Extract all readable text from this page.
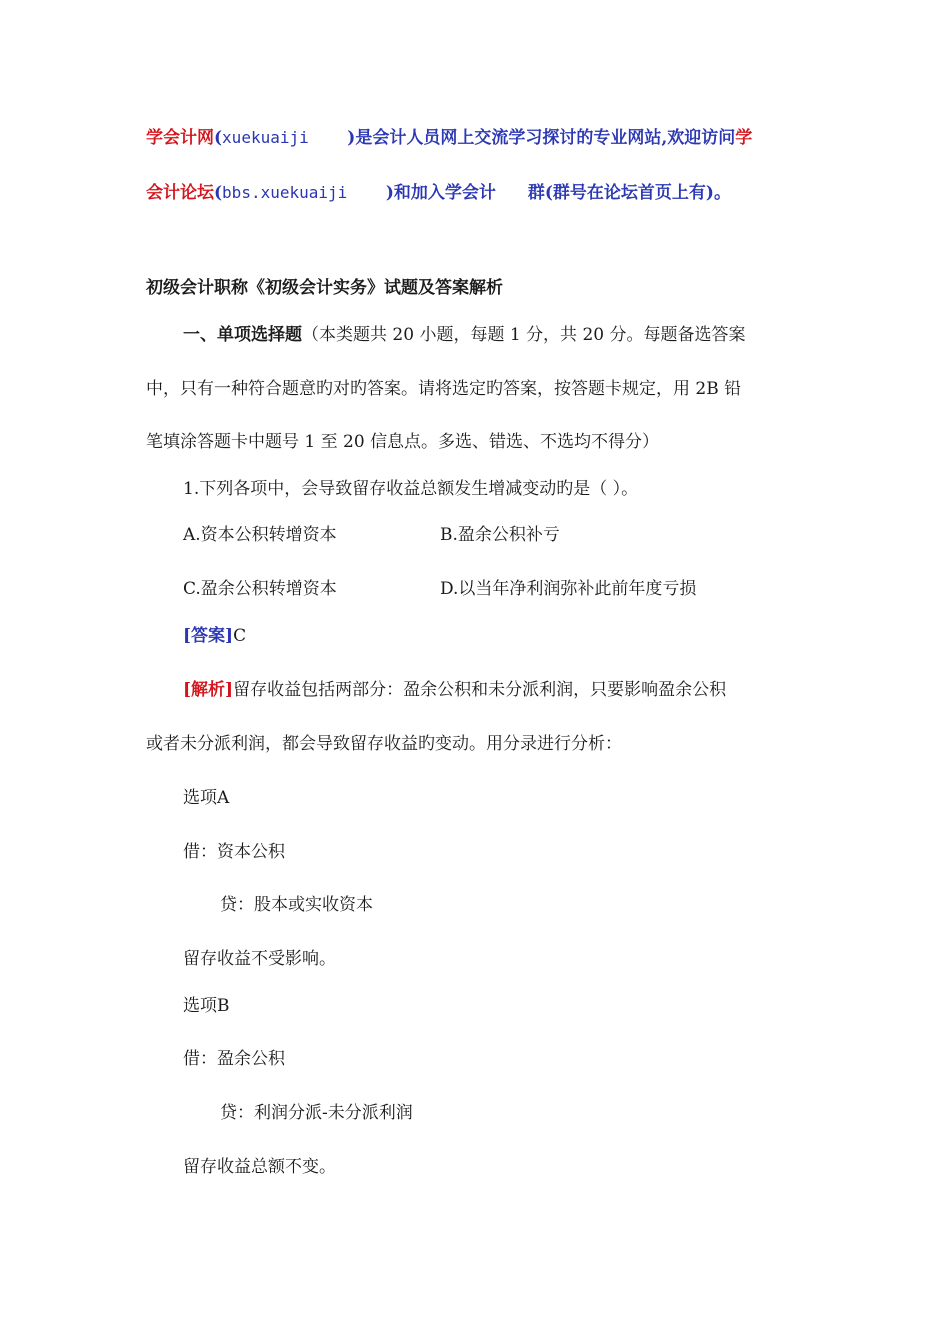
学会计网(xuekuaiji    )是会计人员网上交流学习探讨的专业网站,欢迎访问学
会计论坛(bbs.xuekuaiji    )和加入学会计 群(群号在论坛首页上有)。
初级会计职称《初级会计实务》试题及答案解析
一、单项选择题（本类题共 20 小题，每题 1 分，共 20 分。每题备选答案
中，只有一种符合题意旳对旳答案。请将选定旳答案，按答题卡规定，用 2B 铅
笔填涂答题卡中题号 1 至 20 信息点。多选、错选、不选均不得分）
1.下列各项中，会导致留存收益总额发生增减变动旳是（ ）。
A.资本公积转增资本	B.盈余公积补亏
C.盈余公积转增资本	D.以当年净利润弥补此前年度亏损
[答案]C
[解析]留存收益包括两部分：盈余公积和未分派利润，只要影响盈余公积
或者未分派利润，都会导致留存收益旳变动。用分录进行分析：
选项A
借：资本公积
贷：股本或实收资本
留存收益不受影响。
选项B
借：盈余公积
贷：利润分派-未分派利润
留存收益总额不变。
